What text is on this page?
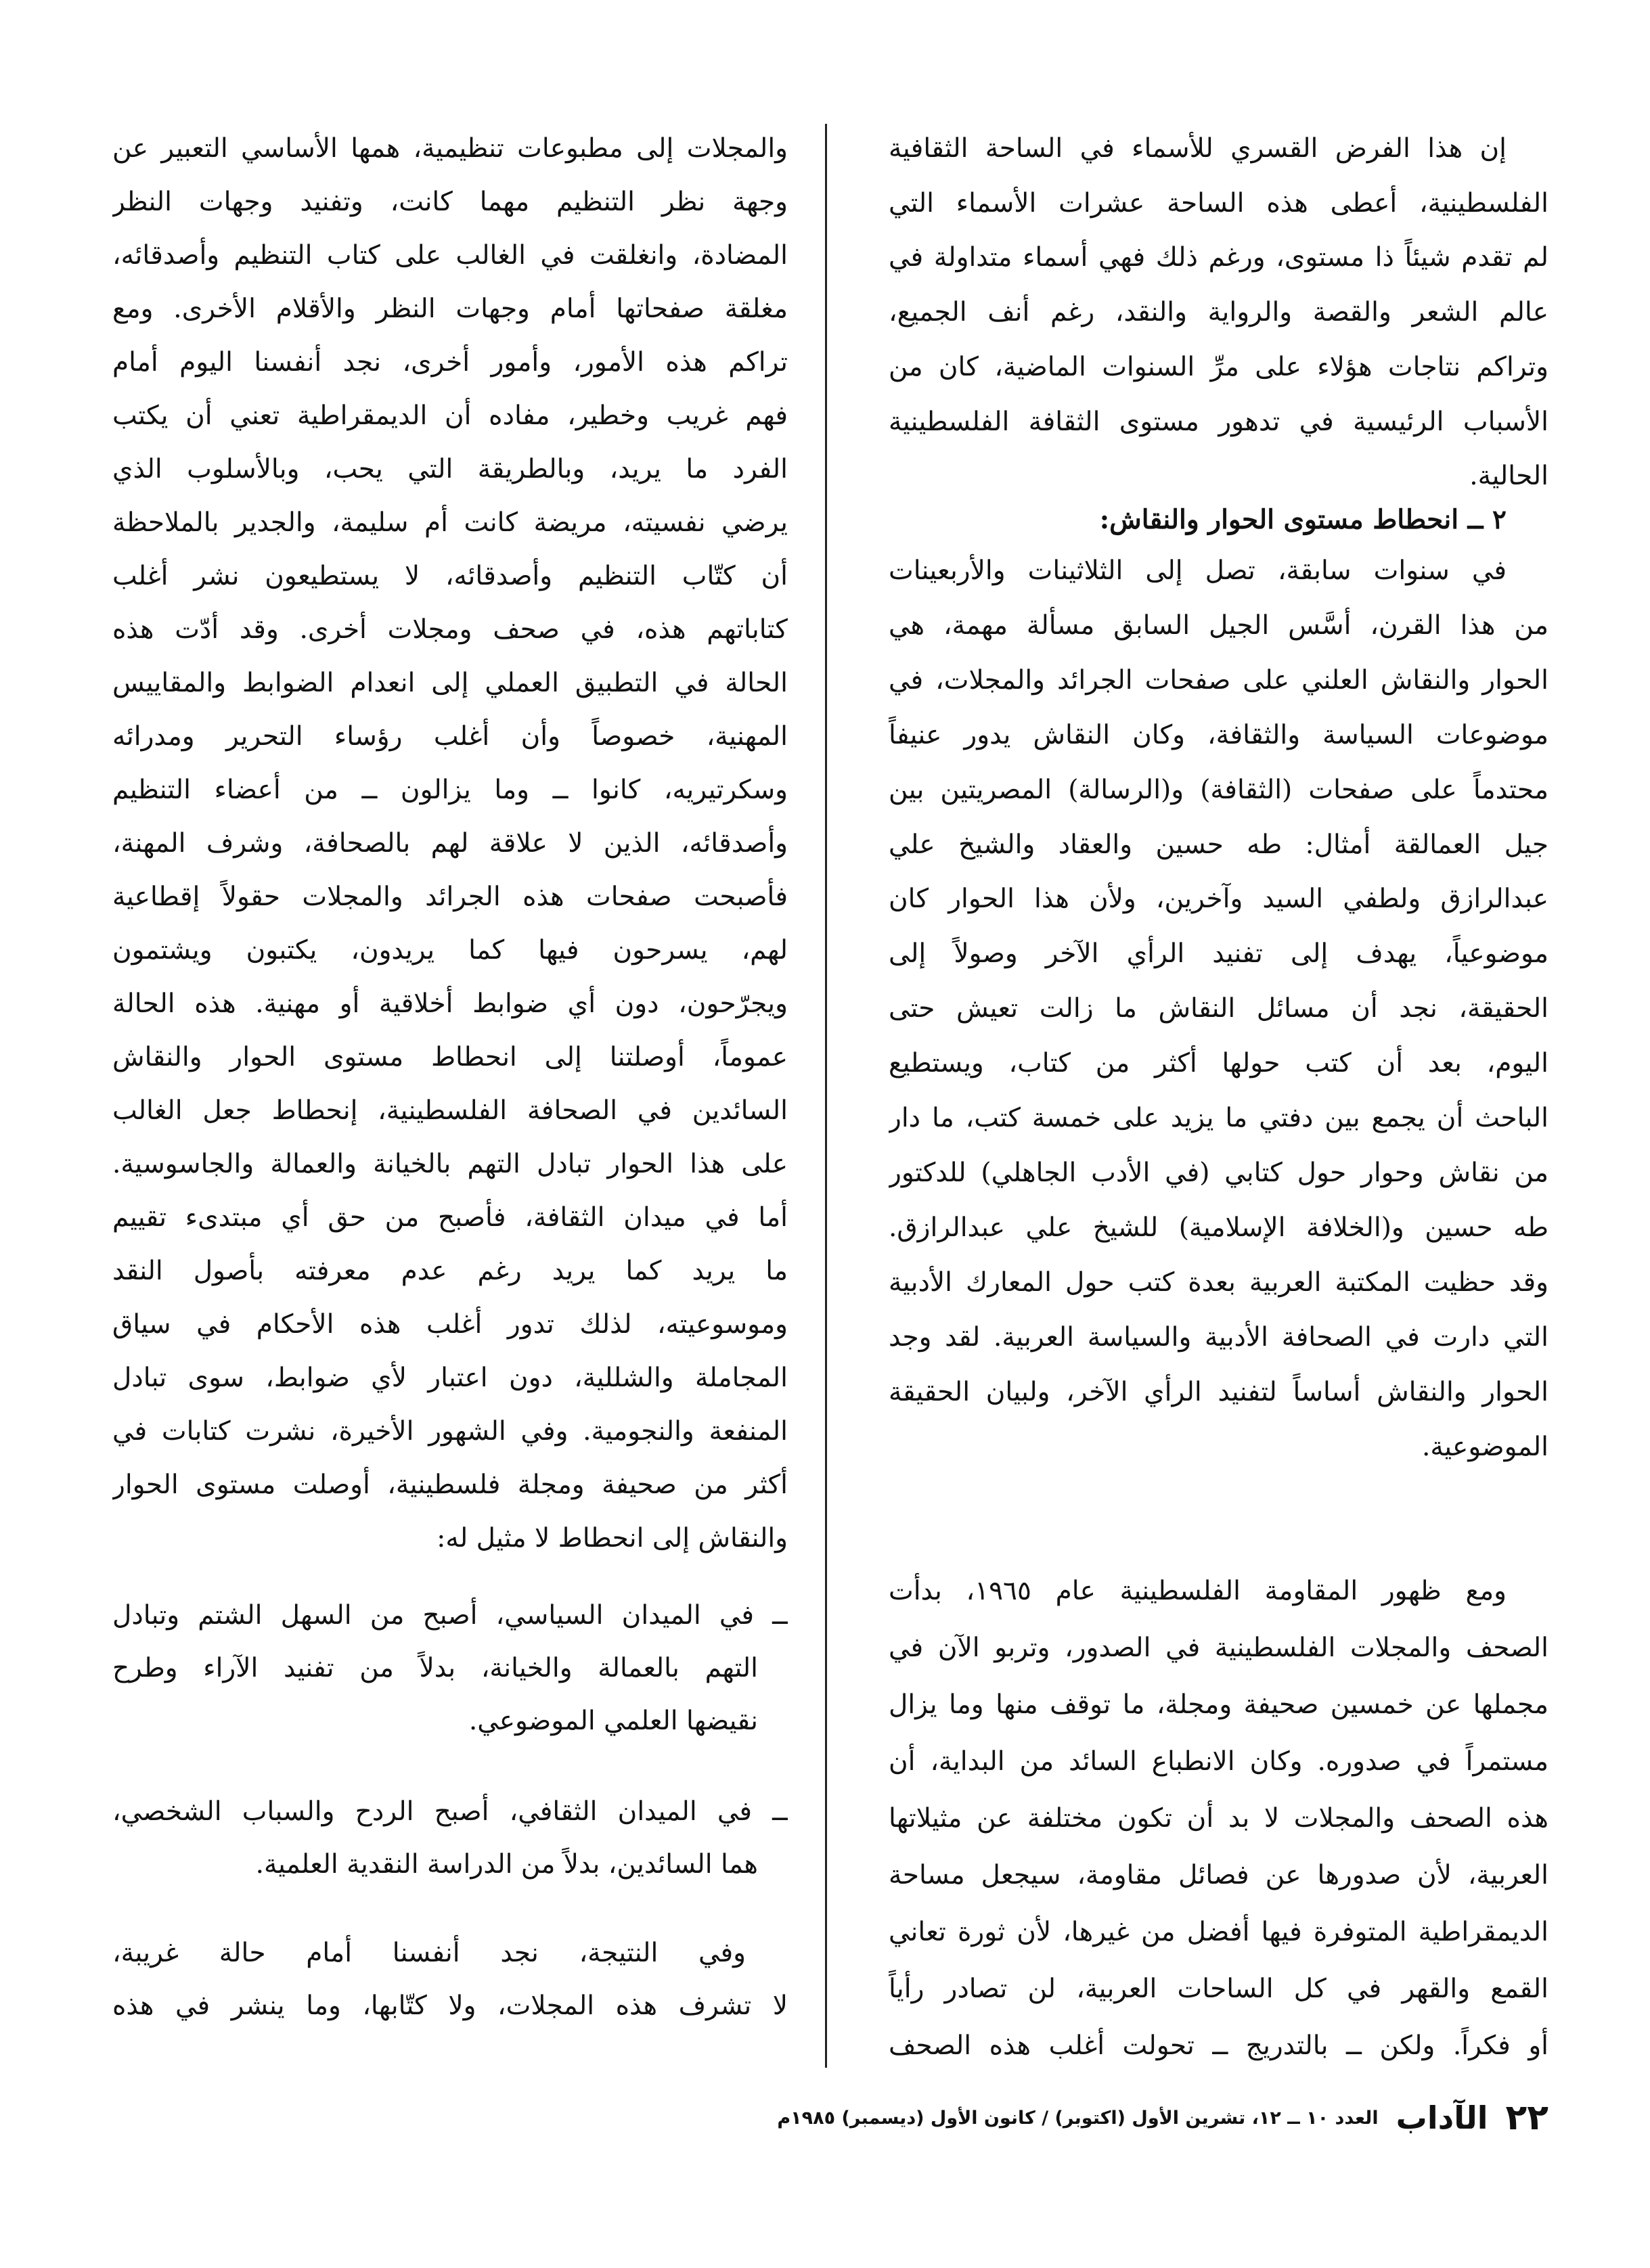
إن هذا الفرض القسري للأسماء في الساحة الثقافية
الفلسطينية، أعطى هذه الساحة عشرات الأسماء التي
لم تقدم شيئاً ذا مستوى، ورغم ذلك فهي أسماء متداولة في
عالم الشعر والقصة والرواية والنقد، رغم أنف الجميع،
وتراكم نتاجات هؤلاء على مرِّ السنوات الماضية، كان من
الأسباب الرئيسية في تدهور مستوى الثقافة الفلسطينية
الحالية.
٢ ــ انحطاط مستوى الحوار والنقاش:
في سنوات سابقة، تصل إلى الثلاثينات والأربعينات
من هذا القرن، أسَّس الجيل السابق مسألة مهمة، هي
الحوار والنقاش العلني على صفحات الجرائد والمجلات، في
موضوعات السياسة والثقافة، وكان النقاش يدور عنيفاً
محتدماً على صفحات (الثقافة) و(الرسالة) المصريتين بين
جيل العمالقة أمثال: طه حسين والعقاد والشيخ علي
عبدالرازق ولطفي السيد وآخرين، ولأن هذا الحوار كان
موضوعياً، يهدف إلى تفنيد الرأي الآخر وصولاً إلى
الحقيقة، نجد أن مسائل النقاش ما زالت تعيش حتى
اليوم، بعد أن كتب حولها أكثر من كتاب، ويستطيع
الباحث أن يجمع بين دفتي ما يزيد على خمسة كتب، ما دار
من نقاش وحوار حول كتابي (في الأدب الجاهلي) للدكتور
طه حسين و(الخلافة الإسلامية) للشيخ علي عبدالرازق.
وقد حظيت المكتبة العربية بعدة كتب حول المعارك الأدبية
التي دارت في الصحافة الأدبية والسياسة العربية. لقد وجد
الحوار والنقاش أساساً لتفنيد الرأي الآخر، ولبيان الحقيقة
الموضوعية.
ومع ظهور المقاومة الفلسطينية عام ١٩٦٥، بدأت
الصحف والمجلات الفلسطينية في الصدور، وتربو الآن في
مجملها عن خمسين صحيفة ومجلة، ما توقف منها وما يزال
مستمراً في صدوره. وكان الانطباع السائد من البداية، أن
هذه الصحف والمجلات لا بد أن تكون مختلفة عن مثيلاتها
العربية، لأن صدورها عن فصائل مقاومة، سيجعل مساحة
الديمقراطية المتوفرة فيها أفضل من غيرها، لأن ثورة تعاني
القمع والقهر في كل الساحات العربية، لن تصادر رأياً
أو فكراً. ولكن ــ بالتدريج ــ تحولت أغلب هذه الصحف
والمجلات إلى مطبوعات تنظيمية، همها الأساسي التعبير عن
وجهة نظر التنظيم مهما كانت، وتفنيد وجهات النظر
المضادة، وانغلقت في الغالب على كتاب التنظيم وأصدقائه،
مغلقة صفحاتها أمام وجهات النظر والأقلام الأخرى. ومع
تراكم هذه الأمور، وأمور أخرى، نجد أنفسنا اليوم أمام
فهم غريب وخطير، مفاده أن الديمقراطية تعني أن يكتب
الفرد ما يريد، وبالطريقة التي يحب، وبالأسلوب الذي
يرضي نفسيته، مريضة كانت أم سليمة، والجدير بالملاحظة
أن كتّاب التنظيم وأصدقائه، لا يستطيعون نشر أغلب
كتاباتهم هذه، في صحف ومجلات أخرى. وقد أدّت هذه
الحالة في التطبيق العملي إلى انعدام الضوابط والمقاييس
المهنية، خصوصاً وأن أغلب رؤساء التحرير ومدرائه
وسكرتيريه، كانوا ــ وما يزالون ــ من أعضاء التنظيم
وأصدقائه، الذين لا علاقة لهم بالصحافة، وشرف المهنة،
فأصبحت صفحات هذه الجرائد والمجلات حقولاً إقطاعية
لهم، يسرحون فيها كما يريدون، يكتبون ويشتمون
ويجرّحون، دون أي ضوابط أخلاقية أو مهنية. هذه الحالة
عموماً، أوصلتنا إلى انحطاط مستوى الحوار والنقاش
السائدين في الصحافة الفلسطينية، إنحطاط جعل الغالب
على هذا الحوار تبادل التهم بالخيانة والعمالة والجاسوسية.
أما في ميدان الثقافة، فأصبح من حق أي مبتدىء تقييم
ما يريد كما يريد رغم عدم معرفته بأصول النقد
وموسوعيته، لذلك تدور أغلب هذه الأحكام في سياق
المجاملة والشللية، دون اعتبار لأي ضوابط، سوى تبادل
المنفعة والنجومية. وفي الشهور الأخيرة، نشرت كتابات في
أكثر من صحيفة ومجلة فلسطينية، أوصلت مستوى الحوار
والنقاش إلى انحطاط لا مثيل له:
ــ في الميدان السياسي، أصبح من السهل الشتم وتبادل
التهم بالعمالة والخيانة، بدلاً من تفنيد الآراء وطرح
نقيضها العلمي الموضوعي.
ــ في الميدان الثقافي، أصبح الردح والسباب الشخصي،
هما السائدين، بدلاً من الدراسة النقدية العلمية.
وفي النتيجة، نجد أنفسنا أمام حالة غريبة،
لا تشرف هذه المجلات، ولا كتّابها، وما ينشر في هذه
٢٢
الآداب
العدد ١٠ ــ ١٢، تشرين الأول (اكتوبر) / كانون الأول (ديسمبر) ١٩٨٥م
